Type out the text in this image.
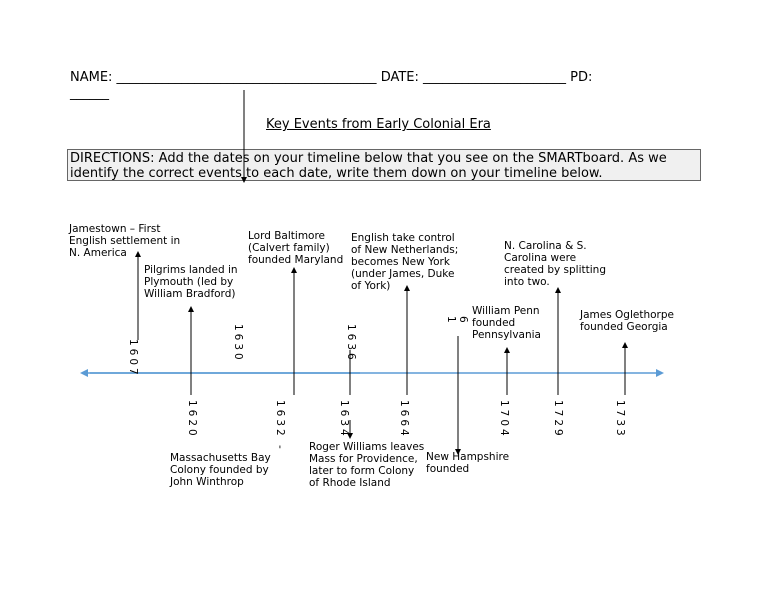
NAME: ________________________________________ DATE: ______________________ PD:
______
Key Events from Early Colonial Era
DIRECTIONS: Add the dates on your timeline below that you see on the SMARTboard. As we identify the correct events to each date, write them down on your timeline below.
Jamestown – First
English settlement in
N. America
Pilgrims landed in
Plymouth (led by
William Bradford)
Lord Baltimore
(Calvert family)
founded Maryland
English take control
of New Netherlands;
becomes New York
(under James, Duke
of York)
N. Carolina & S.
Carolina were
created by splitting
into two.
William Penn
founded
Pennsylvania
James Oglethorpe
founded Georgia
Massachusetts Bay
Colony founded by
John Winthrop
Roger Williams leaves
Mass for Providence,
later to form Colony
of Rhode Island
New Hampshire
founded
1607
1620
1630
1632 -
1636
1634	1664
1 6
1704	1729	1733
